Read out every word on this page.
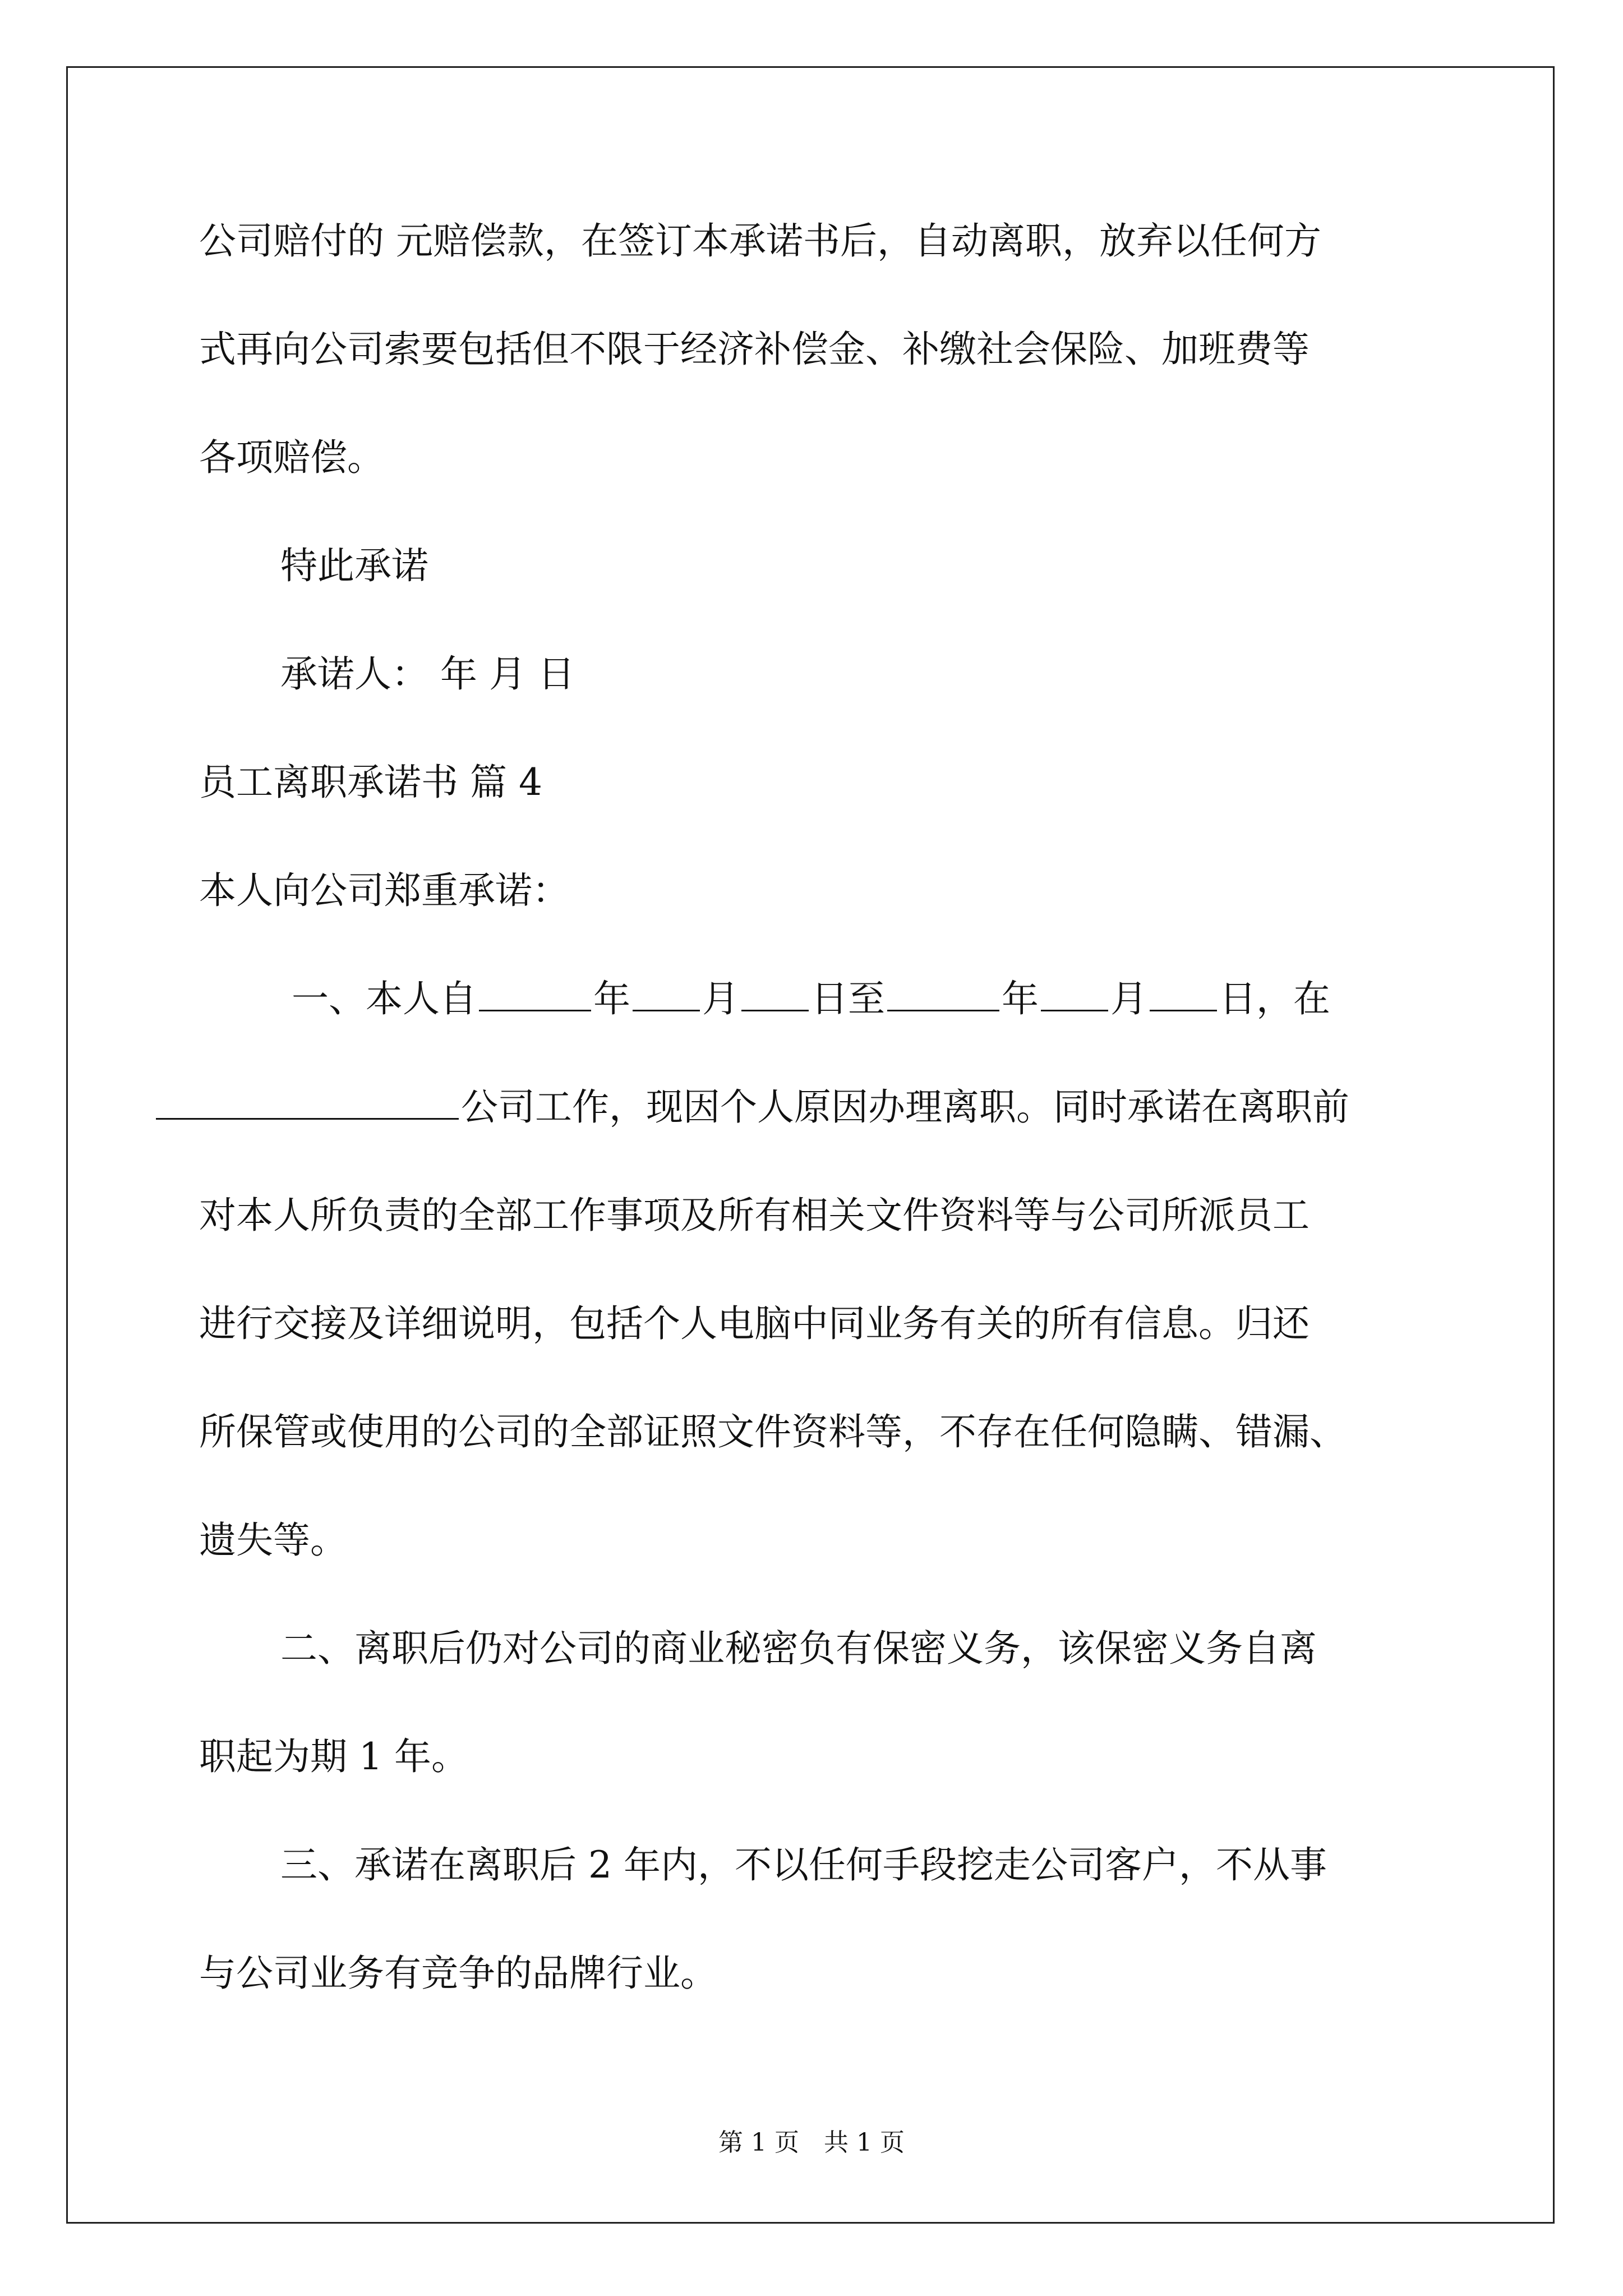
公司赔付的 元赔偿款，在签订本承诺书后，自动离职，放弃以任何方
式再向公司索要包括但不限于经济补偿金、补缴社会保险、加班费等
各项赔偿。
特此承诺
承诺人： 年 月 日
员工离职承诺书 篇 4
本人向公司郑重承诺：
一、本人自	年 月 日至	年 月 日，在
公司工作，现因个人原因办理离职。同时承诺在离职前
对本人所负责的全部工作事项及所有相关文件资料等与公司所派员工
进行交接及详细说明，包括个人电脑中同业务有关的所有信息。归还
所保管或使用的公司的全部证照文件资料等，不存在任何隐瞒、错漏、
遗失等。
二、离职后仍对公司的商业秘密负有保密义务，该保密义务自离
职起为期 1 年。
三、承诺在离职后 2 年内，不以任何手段挖走公司客户，不从事
与公司业务有竞争的品牌行业。
第 1 页　共 1 页
